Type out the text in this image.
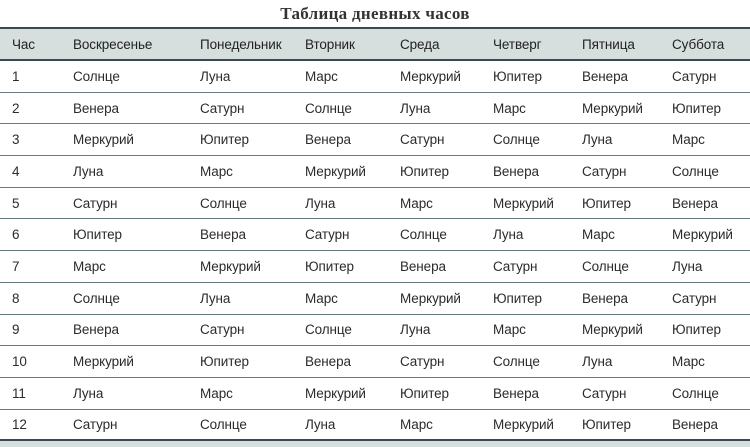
Таблица дневных часов
Час	Воскресенье	Понедельник	Вторник	Среда	Четверг	Пятница	Суббота
1	Солнце	Луна	Марс	Меркурий	Юпитер	Венера	Сатурн
2	Венера	Сатурн	Солнце	Луна	Марс	Меркурий	Юпитер
3	Меркурий	Юпитер	Венера	Сатурн	Солнце	Луна	Марс
4	Луна	Марс	Меркурий	Юпитер	Венера	Сатурн	Солнце
5	Сатурн	Солнце	Луна	Марс	Меркурий	Юпитер	Венера
6	Юпитер	Венера	Сатурн	Солнце	Луна	Марс	Меркурий
7	Марс	Меркурий	Юпитер	Венера	Сатурн	Солнце	Луна
8	Солнце	Луна	Марс	Меркурий	Юпитер	Венера	Сатурн
9	Венера	Сатурн	Солнце	Луна	Марс	Меркурий	Юпитер
10	Меркурий	Юпитер	Венера	Сатурн	Солнце	Луна	Марс
11	Луна	Марс	Меркурий	Юпитер	Венера	Сатурн	Солнце
12	Сатурн	Солнце	Луна	Марс	Меркурий	Юпитер	Венера
